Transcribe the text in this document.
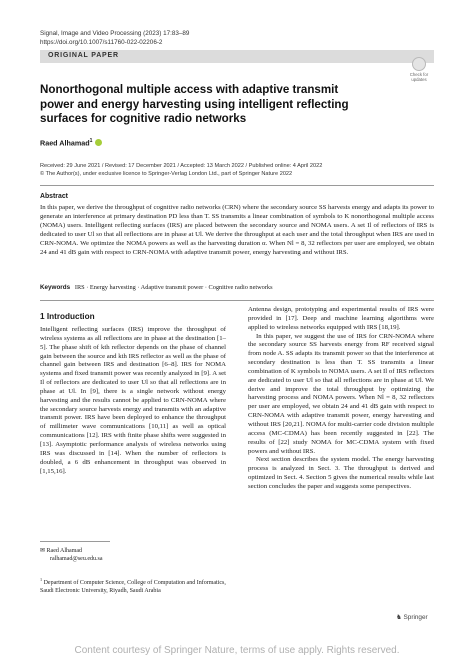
Signal, Image and Video Processing (2023) 17:83–89
https://doi.org/10.1007/s11760-022-02206-2
ORIGINAL PAPER
Check for
updates
Nonorthogonal multiple access with adaptive transmit power and energy harvesting using intelligent reflecting surfaces for cognitive radio networks
Raed Alhamad$^1$
Received: 29 June 2021 / Revised: 17 December 2021 / Accepted: 13 March 2022 / Published online: 4 April 2022
© The Author(s), under exclusive licence to Springer-Verlag London Ltd., part of Springer Nature 2022
Abstract
In this paper, we derive the throughput of cognitive radio networks (CRN) where the secondary source SS harvests energy and adapts its power to generate an interference at primary destination PD less than T. SS transmits a linear combination of symbols to K nonorthogonal multiple access (NOMA) users. Intelligent reflecting surfaces (IRS) are placed between the secondary source and NOMA users. A set Il of reflectors of IRS is dedicated to user Ul so that all reflections are in phase at Ul. We derive the throughput at each user and the total throughput when IRS are used in CRN-NOMA. We optimize the NOMA powers as well as the harvesting duration α. When Nl = 8, 32 reflectors per user are employed, we obtain 24 and 41 dB gain with respect to CRN-NOMA with adaptive transmit power, energy harvesting and without IRS.
Keywords IRS · Energy harvesting · Adaptive transmit power · Cognitive radio networks
1 Introduction

Intelligent reflecting surfaces (IRS) improve the throughput of wireless systems as all reflections are in phase at the destination [1–5]. The phase shift of kth reflector depends on the phase of channel gain between the source and kth IRS reflector as well as the phase of channel gain between IRS and destination [6–8]. IRS for NOMA systems and fixed transmit power was recently analyzed in [9]. A set Il of reflectors are dedicated to user Ul so that all reflections are in phase at Ul. In [9], there is a single network without energy harvesting and the results cannot be applied to CRN-NOMA where the secondary source harvests energy and transmits with an adaptive transmit power. IRS have been deployed to enhance the throughput of millimeter wave communications [10,11] as well as optical communications [12]. IRS with finite phase shifts were suggested in [13]. Asymptotic performance analysis of wireless networks using IRS was discussed in [14]. When the number of reflectors is doubled, a 6 dB enhancement in throughput was observed in [1,15,16].

Antenna design, prototyping and experimental results of IRS were provided in [17]. Deep and machine learning algorithms were applied to wireless networks equipped with IRS [18,19].

In this paper, we suggest the use of IRS for CRN-NOMA where the secondary source SS harvests energy from RF received signal from node A. SS adapts its transmit power so that the interference at secondary destination is less than T. SS transmits a linear combination of K symbols to NOMA users. A set Il of IRS reflectors are dedicated to user Ul so that all reflections are in phase at Ul. We derive and improve the total throughput by optimizing the harvesting process and NOMA powers. When Nl = 8, 32 reflectors per user are employed, we obtain 24 and 41 dB gain with respect to CRN-NOMA with adaptive transmit power, energy harvesting and without IRS [20,21]. NOMA for multi-carrier code division multiple access (MC-CDMA) has been recently suggested in [22]. The results of [22] study NOMA for MC-CDMA system with fixed powers and without IRS.

Next section describes the system model. The energy harvesting process is analyzed in Sect. 3. The throughput is derived and optimized in Sect. 4. Section 5 gives the numerical results while last section concludes the paper and suggests some perspectives.

✉ Raed Alhamad
ralhamad@seu.edu.sa
$^1$ Department of Computer Science, College of Computation and Informatics, Saudi Electronic University, Riyadh, Saudi Arabia
♞ Springer
Content courtesy of Springer Nature, terms of use apply. Rights reserved.
